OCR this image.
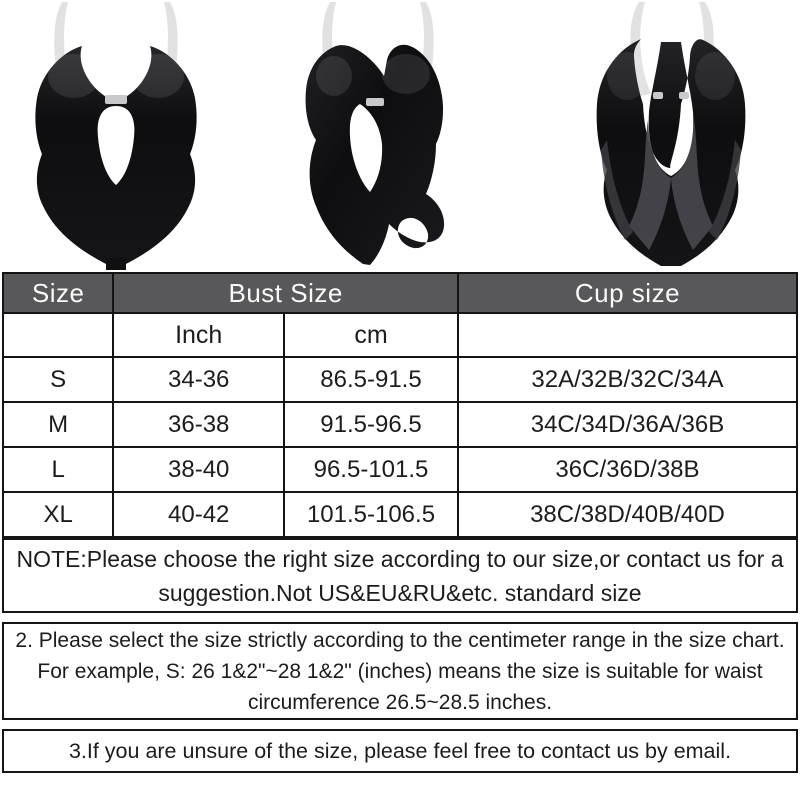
Size	Bust Size		Cup size
	Inch	cm	
S	34-36	86.5-91.5	32A/32B/32C/34A
M	36-38	91.5-96.5	34C/34D/36A/36B
L	38-40	96.5-101.5	36C/36D/38B
XL	40-42	101.5-106.5	38C/38D/40B/40D
NOTE:Please choose the right size according to our size,or contact us for a suggestion.Not US&EU&RU&etc. standard size
2. Please select the size strictly according to the centimeter range in the size chart. For example, S: 26 1&2"~28 1&2" (inches) means the size is suitable for waist circumference 26.5~28.5 inches.
3.If you are unsure of the size, please feel free to contact us by email.
